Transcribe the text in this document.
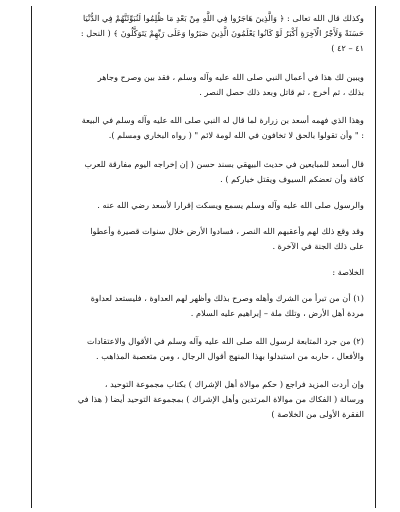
وكذلك قال الله تعالى : ﴿ وَالَّذِينَ هَاجَرُوا فِي اللَّهِ مِنْ بَعْدِ مَا ظُلِمُوا لَنُبَوِّئَنَّهُمْ فِي الدُّنْيَا
حَسَنَةً وَلَأَجْرُ الْآخِرَةِ أَكْبَرُ لَوْ كَانُوا يَعْلَمُونَ الَّذِينَ صَبَرُوا وَعَلَى رَبِّهِمْ يَتَوَكَّلُونَ ﴾ ( النحل :
٤١ – ٤٢ )
ويبين لك هذا في أعمال النبي صلى الله عليه وآله وسلم ، فقد بين وصرح وجاهر
بذلك ، ثم أخرج ، ثم قاتل وبعد ذلك حصل النصر .
وهذا الذي فهمه أسعد بن زرارة لما قال له النبي صلى الله عليه وآله وسلم في البيعة
: " وأن تقولوا بالحق لا تخافون في الله لومة لائم " ( رواه البخاري ومسلم ).
قال أسعد للمبايعين في حديث البيهقي بسند حسن ( إن إخراجه اليوم مفارقة للعرب
كافة وأن تعضكم السيوف ويقتل خياركم ) .
والرسول صلى الله عليه وآله وسلم يسمع ويسكت إقرارا لأسعد رضي الله عنه .
وقد وقع ذلك لهم وأعقبهم الله النصر ، فسادوا الأرض خلال سنوات قصيرة وأعطوا
على ذلك الجنة في الآخرة .
الخلاصة :
(١) أن من تبرأ من الشرك وأهله وصرح بذلك وأظهر لهم العداوة ، فليستعد لعداوة
مردة أهل الأرض ، وتلك ملة – إبراهيم عليه السلام .
(٢) من جرد المتابعة لرسول الله صلى الله عليه وآله وسلم في الأقوال والاعتقادات
والأفعال ، حاربه من استبدلوا بهذا المنهج أقوال الرجال ، ومن متعصبة المذاهب .
وإن أردت المزيد فراجع ( حكم موالاة أهل الإشراك ) بكتاب مجموعة التوحيد ،
ورسالة ( الفكاك من موالاة المرتدين وأهل الإشراك ) بمجموعة التوحيد أيضا ( هذا في
الفقرة الأولى من الخلاصة )
